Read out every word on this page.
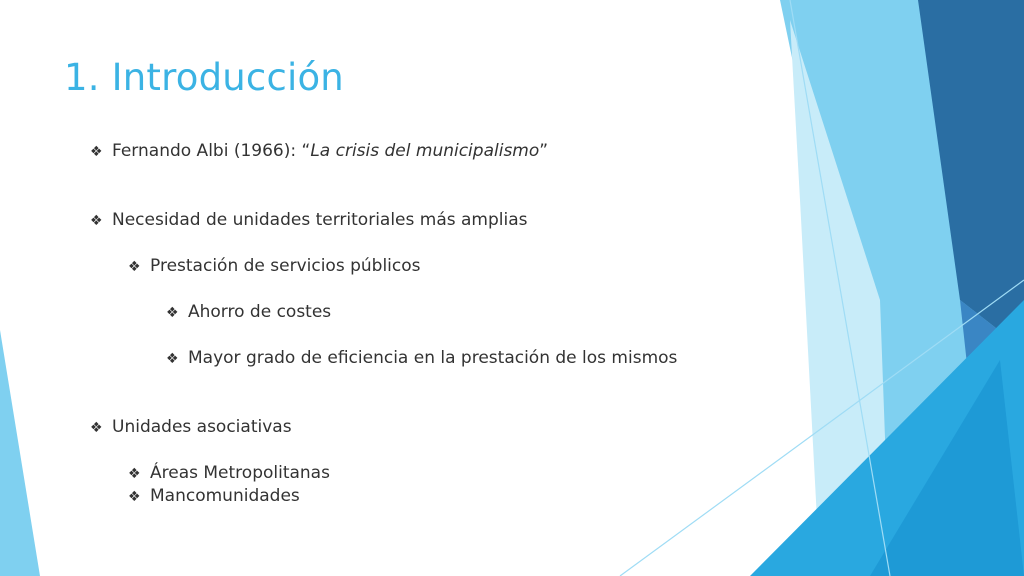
1. Introducción
❖ Fernando Albi (1966): “La crisis del municipalismo”
❖ Necesidad de unidades territoriales más amplias
❖ Prestación de servicios públicos
❖ Ahorro de costes
❖ Mayor grado de eficiencia en la prestación de los mismos
❖ Unidades asociativas
❖ Áreas Metropolitanas
❖ Mancomunidades
